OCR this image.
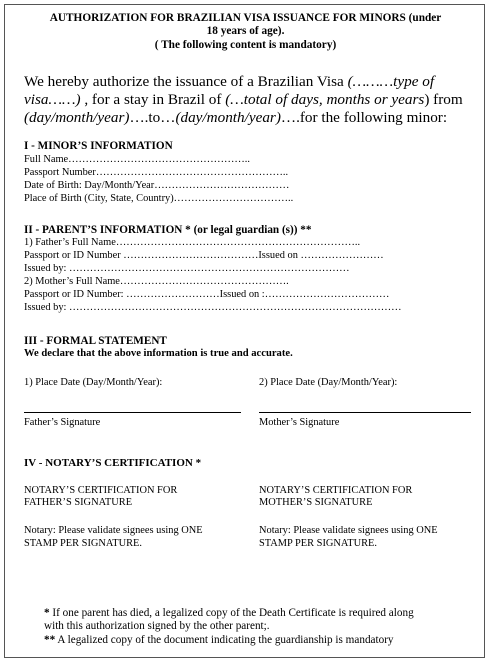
AUTHORIZATION FOR BRAZILIAN VISA ISSUANCE FOR MINORS (under
18 years of age).
( The following content is mandatory)
We hereby authorize the issuance of a Brazilian Visa (………type of visa……) , for a stay in Brazil of (…total of days, months or years) from (day/month/year)….to…(day/month/year)….for the following minor:
I - MINOR’S INFORMATION
Full Name……………………………………………..
Passport Number………………………………………………..
Date of Birth: Day/Month/Year…………………………………
Place of Birth (City, State, Country)……………………………..
II - PARENT’S INFORMATION * (or legal guardian (s)) **
1) Father’s Full Name……………………………………………………………..
Passport or ID Number …………………………………Issued on ……………………
Issued by: ………………………………………………………………………
2) Mother’s Full Name………………………………………….
Passport or ID Number: ………………………Issued on :………………………………
Issued by: ……………………………………………………………………………………
III - FORMAL STATEMENT
We declare that the above information is true and accurate.
1) Place Date (Day/Month/Year):	2) Place Date (Day/Month/Year):
Father’s Signature	Mother’s Signature
IV - NOTARY’S CERTIFICATION *
NOTARY’S CERTIFICATION FOR
FATHER’S SIGNATURE
NOTARY’S CERTIFICATION FOR
MOTHER’S SIGNATURE
Notary: Please validate signees using ONE
STAMP PER SIGNATURE.
Notary: Please validate signees using ONE
STAMP PER SIGNATURE.
* If one parent has died, a legalized copy of the Death Certificate is required along
with this authorization signed by the other parent;.
** A legalized copy of the document indicating the guardianship is mandatory
